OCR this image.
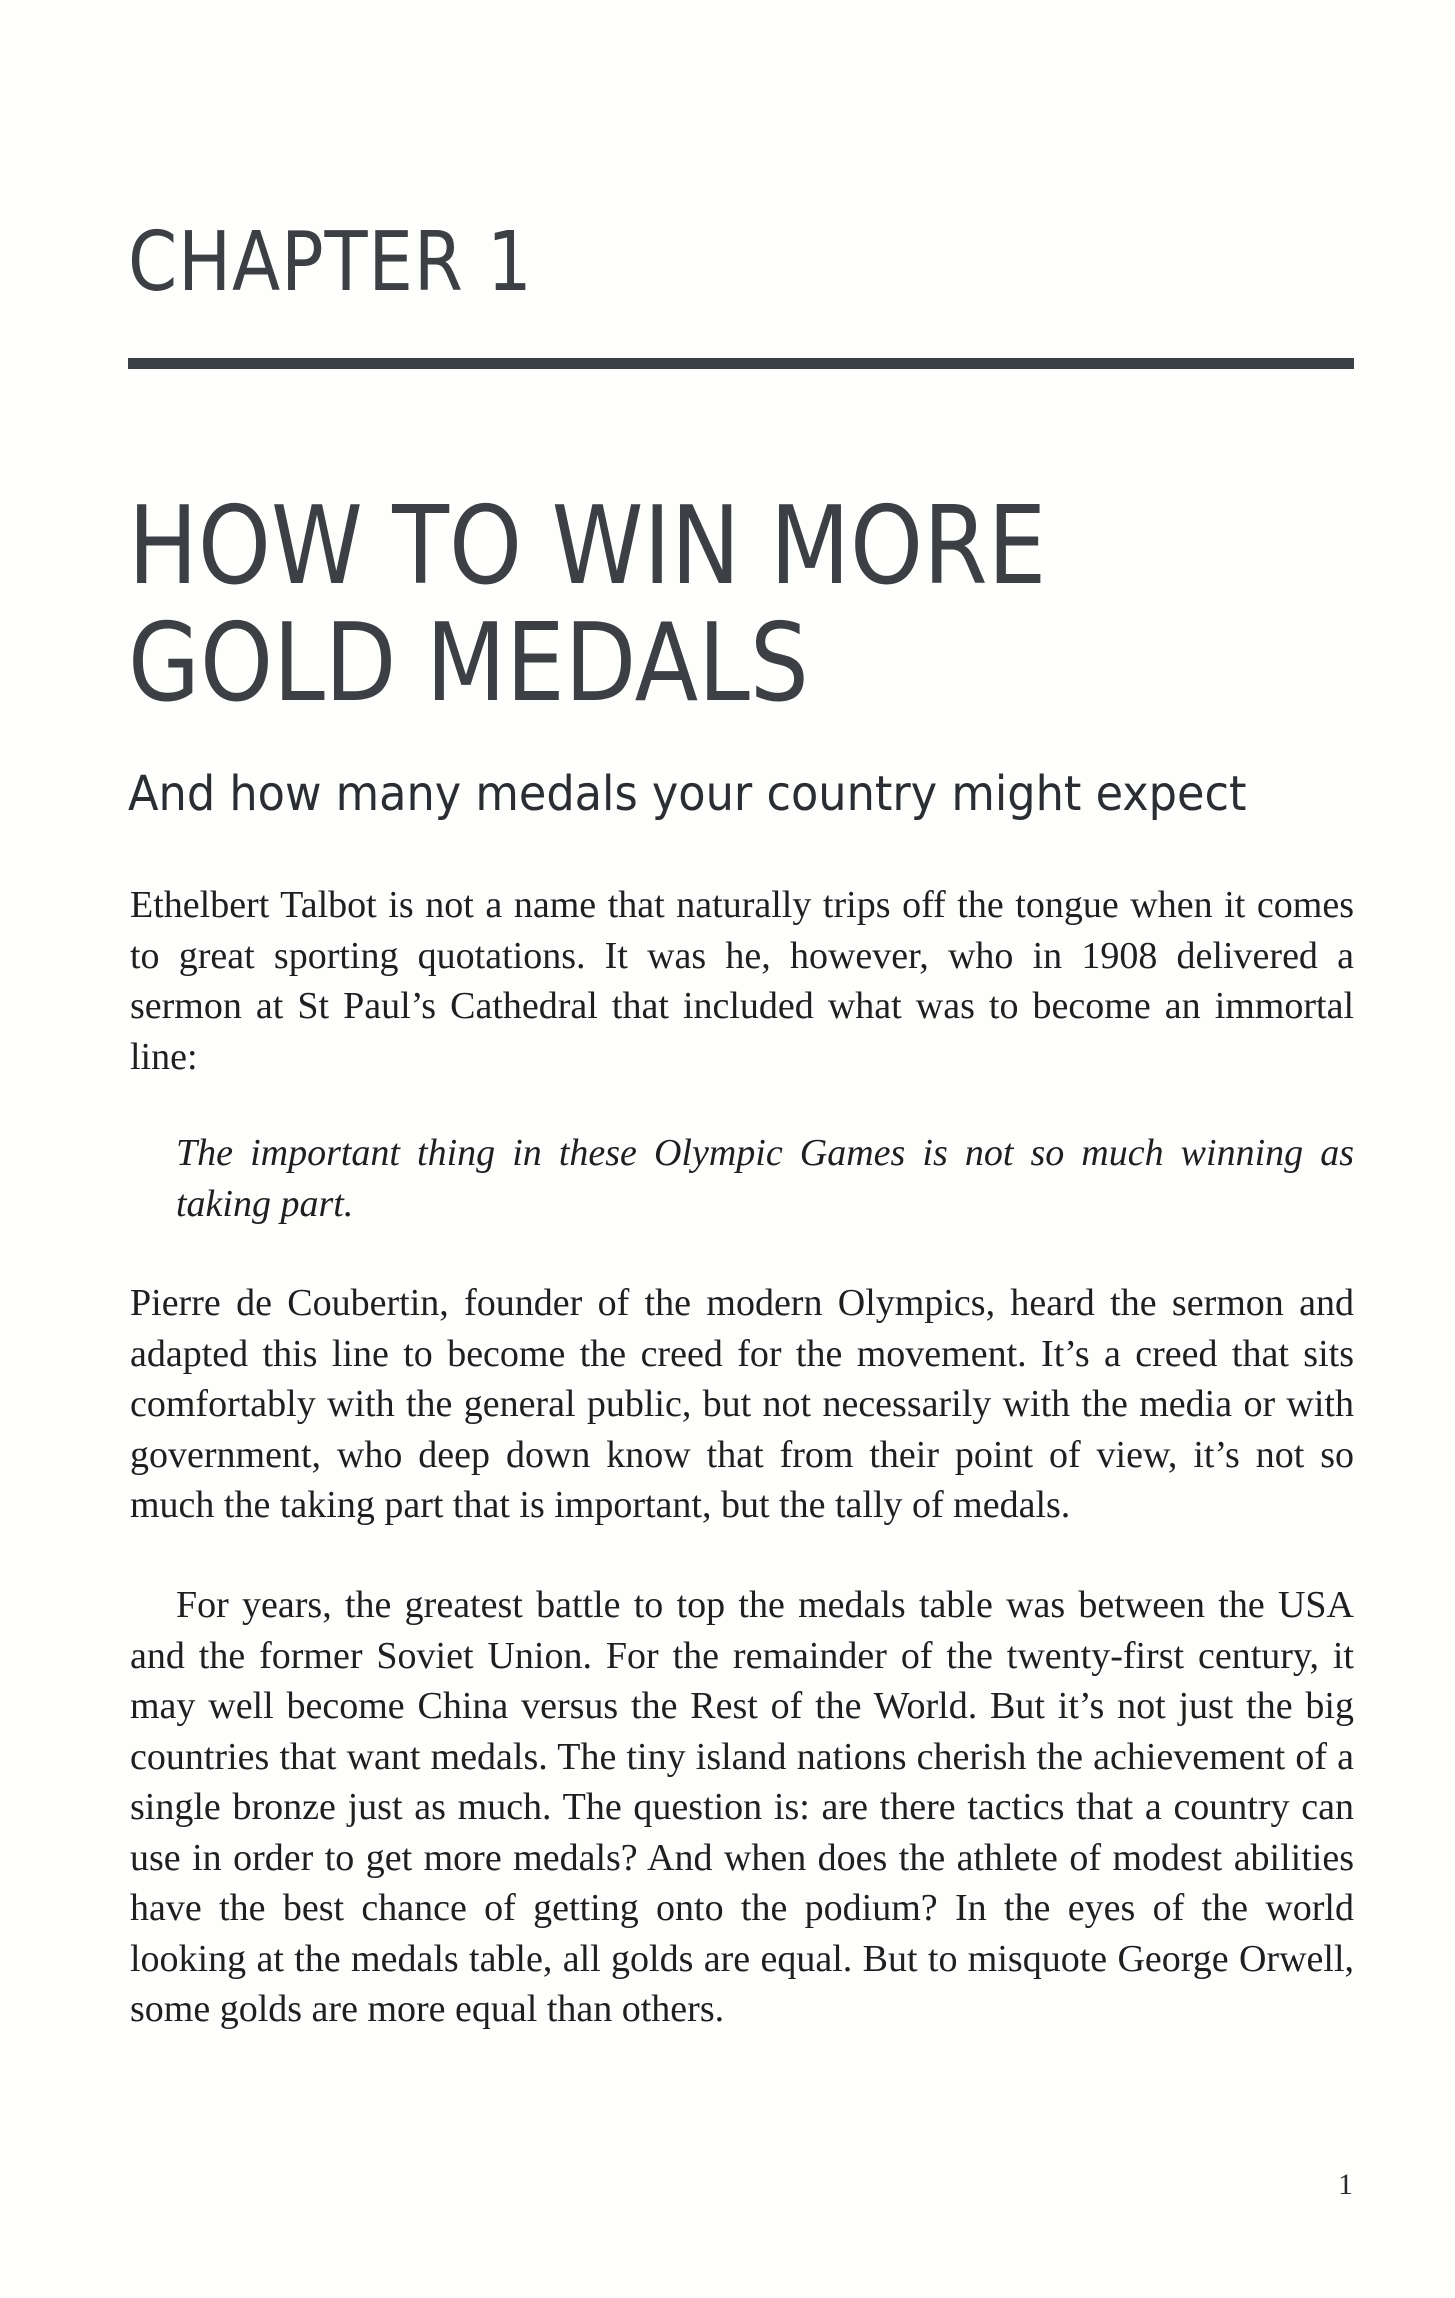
CHAPTER 1
HOW TO WIN MORE
GOLD MEDALS
And how many medals your country might expect

Ethelbert Talbot is not a name that naturally trips off the tongue when it comes to great sporting quotations. It was he, however, who in 1908 delivered a sermon at St Paul’s Cathedral that included what was to become an immortal line:

The important thing in these Olympic Games is not so much winning as taking part.

Pierre de Coubertin, founder of the modern Olympics, heard the sermon and adapted this line to become the creed for the movement. It’s a creed that sits comfortably with the general public, but not necessarily with the media or with government, who deep down know that from their point of view, it’s not so much the taking part that is important, but the tally of medals.

For years, the greatest battle to top the medals table was between the USA and the former Soviet Union. For the remainder of the twenty-first century, it may well become China versus the Rest of the World. But it’s not just the big countries that want medals. The tiny island nations cherish the achievement of a single bronze just as much. The question is: are there tactics that a country can use in order to get more medals? And when does the athlete of modest abilities have the best chance of getting onto the podium? In the eyes of the world looking at the medals table, all golds are equal. But to misquote George Orwell, some golds are more equal than others.

1
